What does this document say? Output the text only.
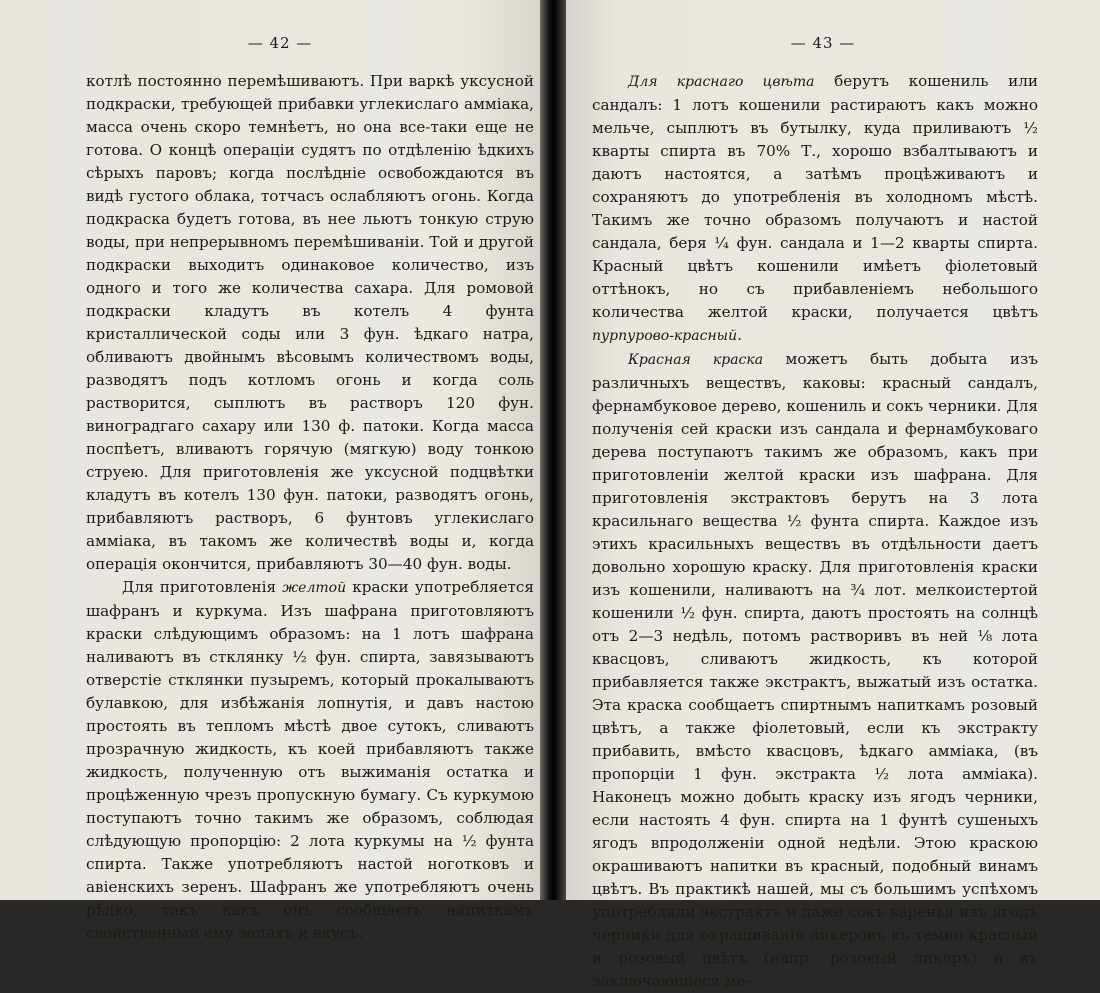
— 42 —

котлѣ постоянно перемѣшиваютъ. При варкѣ уксусной подкраски, требующей прибавки углекислаго амміака, масса очень скоро темнѣетъ, но она все-таки еще не готова. О концѣ операціи судятъ по отдѣленію ѣдкихъ сѣрыхъ паровъ; когда послѣдніе освобождаются въ видѣ густого облака, тотчасъ ослабляютъ огонь. Когда подкраска будетъ готова, въ нее льютъ тонкую струю воды, при непрерывномъ перемѣшиваніи. Той и другой подкраски выходитъ одинаковое количество, изъ одного и того же количества сахара. Для ромовой подкраски кладутъ въ котелъ 4 фунта кристаллической соды или 3 фун. ѣдкаго натра, обливаютъ двойнымъ вѣсовымъ количествомъ воды, разводятъ подъ котломъ огонь и когда соль растворится, сыплютъ въ растворъ 120 фун. виноградгаго сахару или 130 ф. патоки. Когда масса поспѣетъ, вливаютъ горячую (мягкую) воду тонкою струею. Для приготовленія же уксусной подцвѣтки кладутъ въ котелъ 130 фун. патоки, разводятъ огонь, прибавляютъ растворъ, 6 фунтовъ углекислаго амміака, въ такомъ же количествѣ воды и, когда операція окончится, прибавляютъ 30—40 фун. воды.

Для приготовленія желтой краски употребляется шафранъ и куркума. Изъ шафрана приготовляютъ краски слѣдующимъ образомъ: на 1 лотъ шафрана наливаютъ въ стклянку ½ фун. спирта, завязываютъ отверстіе стклянки пузыремъ, который прокалываютъ булавкою, для избѣжанія лопнутія, и давъ настою простоять въ тепломъ мѣстѣ двое сутокъ, сливаютъ прозрачную жидкость, къ коей прибавляютъ также жидкость, полученную отъ выжиманія остатка и процѣженную чрезъ пропускную бумагу. Съ куркумою поступаютъ точно такимъ же образомъ, соблюдая слѣдующую пропорцію: 2 лота куркумы на ½ фунта спирта. Также употребляютъ настой ноготковъ и авіенскихъ зеренъ. Шафранъ же употребляютъ очень рѣдко, такъ какъ онъ сообщаетъ напиткамъ свойственный ему запахъ и вкусъ.

— 43 —

Для краснаго цвѣта берутъ кошениль или сандалъ: 1 лотъ кошенили растираютъ какъ можно мельче, сыплютъ въ бутылку, куда приливаютъ ½ кварты спирта въ 70% Т., хорошо взбалтываютъ и даютъ настоятся, а затѣмъ процѣживаютъ и сохраняютъ до употребленія въ холодномъ мѣстѣ. Такимъ же точно образомъ получаютъ и настой сандала, беря ¼ фун. сандала и 1—2 кварты спирта. Красный цвѣтъ кошенили имѣетъ фіолетовый оттѣнокъ, но съ прибавленіемъ небольшого количества желтой краски, получается цвѣтъ пурпурово-красный.

Красная краска можетъ быть добыта изъ различныхъ веществъ, каковы: красный сандалъ, фернамбуковое дерево, кошениль и сокъ черники. Для полученія сей краски изъ сандала и фернамбуковаго дерева поступаютъ такимъ же образомъ, какъ при приготовленіи желтой краски изъ шафрана. Для приготовленія экстрактовъ берутъ на 3 лота красильнаго вещества ½ фунта спирта. Каждое изъ этихъ красильныхъ веществъ въ отдѣльности даетъ довольно хорошую краску. Для приготовленія краски изъ кошенили, наливаютъ на ¾ лот. мелкоистертой кошенили ½ фун. спирта, даютъ простоять на солнцѣ отъ 2—3 недѣль, потомъ растворивъ въ ней ⅛ лота квасцовъ, сливаютъ жидкость, къ которой прибавляется также экстрактъ, выжатый изъ остатка. Эта краска сообщаетъ спиртнымъ напиткамъ розовый цвѣтъ, а также фіолетовый, если къ экстракту прибавить, вмѣсто квасцовъ, ѣдкаго амміака, (въ пропорціи 1 фун. экстракта ½ лота амміака). Наконецъ можно добыть краску изъ ягодъ черники, если настоять 4 фун. спирта на 1 фунтѣ сушеныхъ ягодъ впродолженіи одной недѣли. Этою краскою окрашиваютъ напитки въ красный, подобный винамъ цвѣтъ. Въ практикѣ нашей, мы съ большимъ успѣхомъ употребляли экстрактъ и даже сокъ варенья изъ ягодъ черники для окрашиванія ликеровъ въ темно красный и розовый цвѣтъ (напр. розовый ликеръ) и въ заключающіеся ме-
